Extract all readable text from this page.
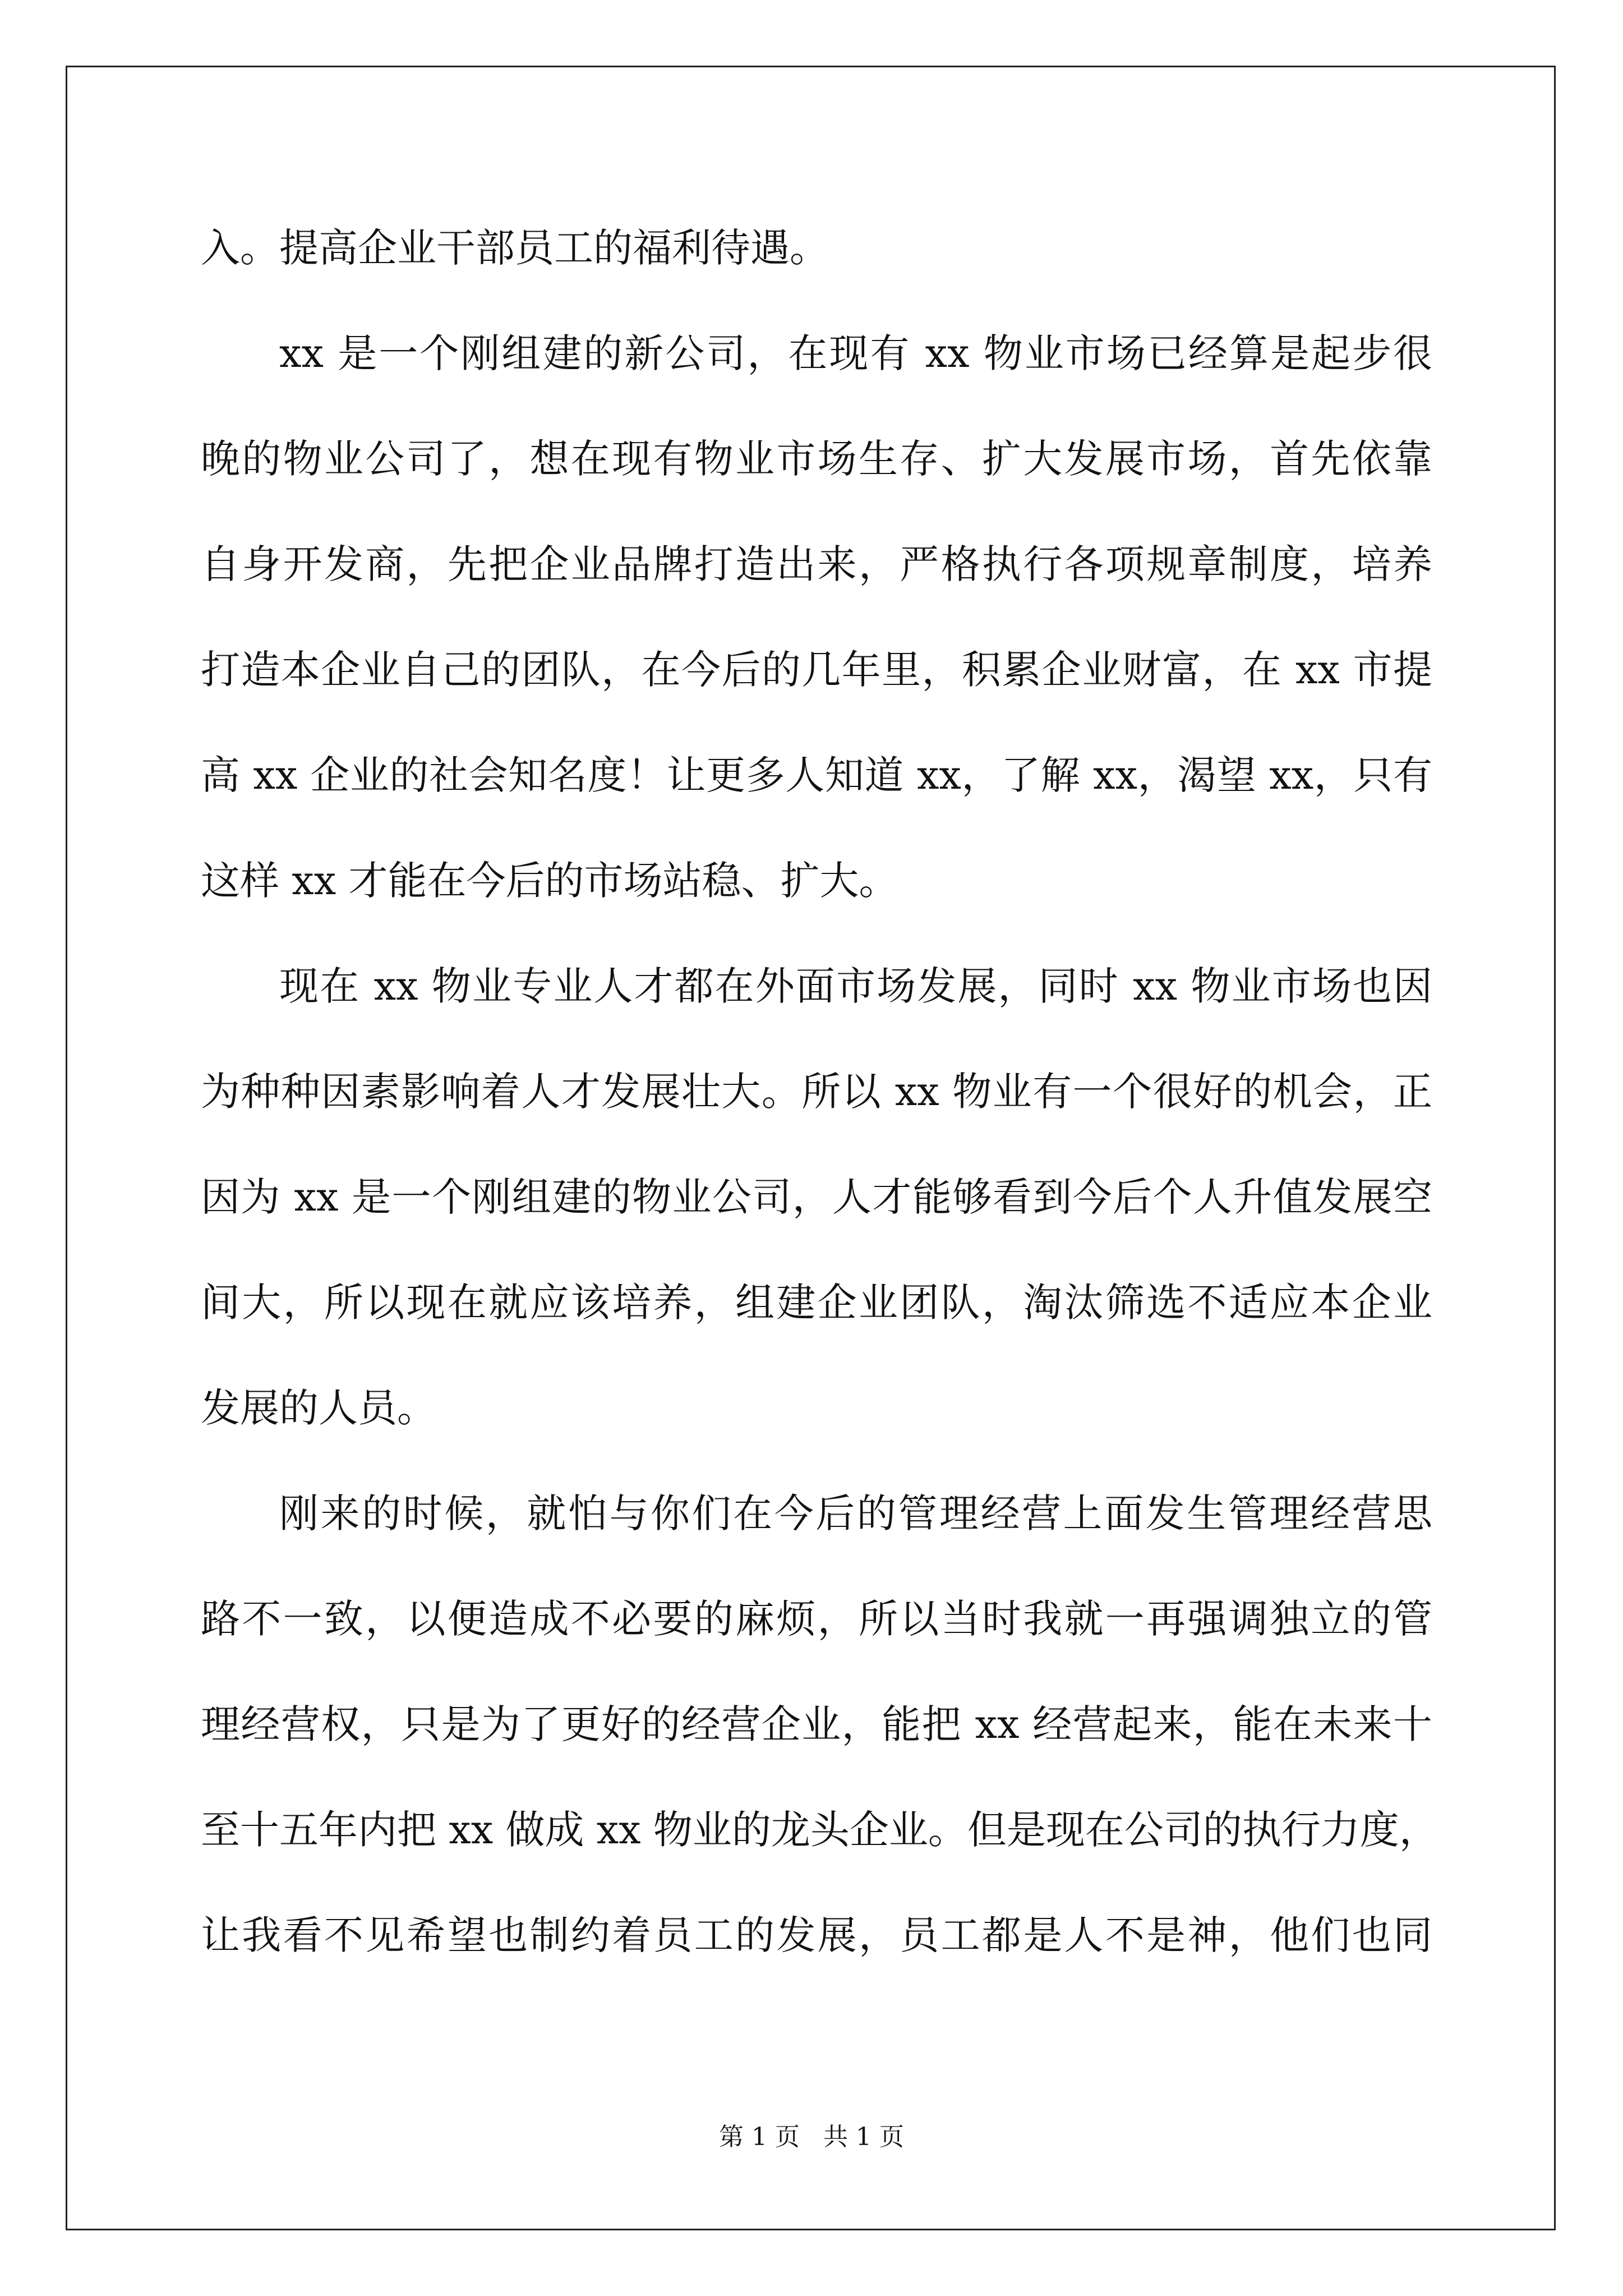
入。提高企业干部员工的福利待遇。
xx 是一个刚组建的新公司，在现有 xx 物业市场已经算是起步很
晚的物业公司了，想在现有物业市场生存、扩大发展市场，首先依靠
自身开发商，先把企业品牌打造出来，严格执行各项规章制度，培养
打造本企业自己的团队，在今后的几年里，积累企业财富，在 xx 市提
高 xx 企业的社会知名度！让更多人知道 xx，了解 xx，渴望 xx，只有
这样 xx 才能在今后的市场站稳、扩大。
现在 xx 物业专业人才都在外面市场发展，同时 xx 物业市场也因
为种种因素影响着人才发展壮大。所以 xx 物业有一个很好的机会，正
因为 xx 是一个刚组建的物业公司，人才能够看到今后个人升值发展空
间大，所以现在就应该培养，组建企业团队，淘汰筛选不适应本企业
发展的人员。
刚来的时候，就怕与你们在今后的管理经营上面发生管理经营思
路不一致，以便造成不必要的麻烦，所以当时我就一再强调独立的管
理经营权，只是为了更好的经营企业，能把 xx 经营起来，能在未来十
至十五年内把 xx 做成 xx 物业的龙头企业。但是现在公司的执行力度，
让我看不见希望也制约着员工的发展，员工都是人不是神，他们也同
第 1 页 共 1 页
